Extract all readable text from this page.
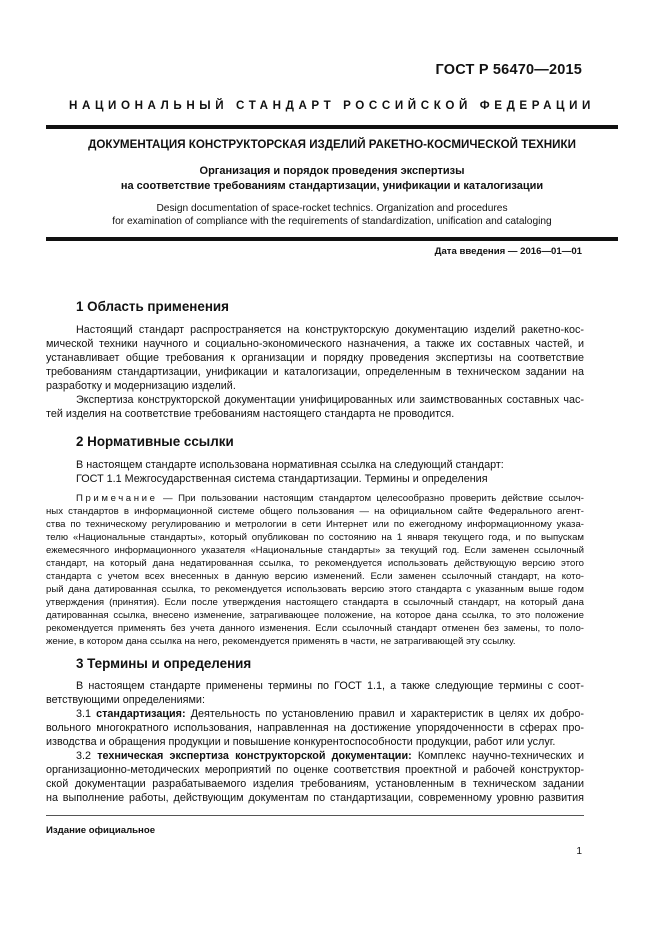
ГОСТ Р 56470—2015
НАЦИОНАЛЬНЫЙ СТАНДАРТ РОССИЙСКОЙ ФЕДЕРАЦИИ
ДОКУМЕНТАЦИЯ КОНСТРУКТОРСКАЯ ИЗДЕЛИЙ РАКЕТНО-КОСМИЧЕСКОЙ ТЕХНИКИ
Организация и порядок проведения экспертизы
на соответствие требованиям стандартизации, унификации и каталогизации
Design documentation of space-rocket technics. Organization and procedures
for examination of compliance with the requirements of standardization, unification and cataloging
Дата введения — 2016—01—01
1 Область применения
Настоящий стандарт распространяется на конструкторскую документацию изделий ракетно-кос-
мической техники научного и социально-экономического назначения, а также их составных частей, и
устанавливает общие требования к организации и порядку проведения экспертизы на соответствие
требованиям стандартизации, унификации и каталогизации, определенным в техническом задании на
разработку и модернизацию изделий.
Экспертиза конструкторской документации унифицированных или заимствованных составных час-
тей изделия на соответствие требованиям настоящего стандарта не проводится.
2 Нормативные ссылки
В настоящем стандарте использована нормативная ссылка на следующий стандарт:
ГОСТ 1.1 Межгосударственная система стандартизации. Термины и определения
Примечание — При пользовании настоящим стандартом целесообразно проверить действие ссылоч-
ных стандартов в информационной системе общего пользования — на официальном сайте Федерального агент-
ства по техническому регулированию и метрологии в сети Интернет или по ежегодному информационному указа-
телю «Национальные стандарты», который опубликован по состоянию на 1 января текущего года, и по выпускам
ежемесячного информационного указателя «Национальные стандарты» за текущий год. Если заменен ссылочный
стандарт, на который дана недатированная ссылка, то рекомендуется использовать действующую версию этого
стандарта с учетом всех внесенных в данную версию изменений. Если заменен ссылочный стандарт, на кото-
рый дана датированная ссылка, то рекомендуется использовать версию этого стандарта с указанным выше годом
утверждения (принятия). Если после утверждения настоящего стандарта в ссылочный стандарт, на который дана
датированная ссылка, внесено изменение, затрагивающее положение, на которое дана ссылка, то это положение
рекомендуется применять без учета данного изменения. Если ссылочный стандарт отменен без замены, то поло-
жение, в котором дана ссылка на него, рекомендуется применять в части, не затрагивающей эту ссылку.
3 Термины и определения
В настоящем стандарте применены термины по ГОСТ 1.1, а также следующие термины с соот-
ветствующими определениями:
3.1 стандартизация: Деятельность по установлению правил и характеристик в целях их добро-
вольного многократного использования, направленная на достижение упорядоченности в сферах про-
изводства и обращения продукции и повышение конкурентоспособности продукции, работ или услуг.
3.2 техническая экспертиза конструкторской документации: Комплекс научно-технических и
организационно-методических мероприятий по оценке соответствия проектной и рабочей конструктор-
ской документации разрабатываемого изделия требованиям, установленным в техническом задании
на выполнение работы, действующим документам по стандартизации, современному уровню развития
Издание официальное
1
